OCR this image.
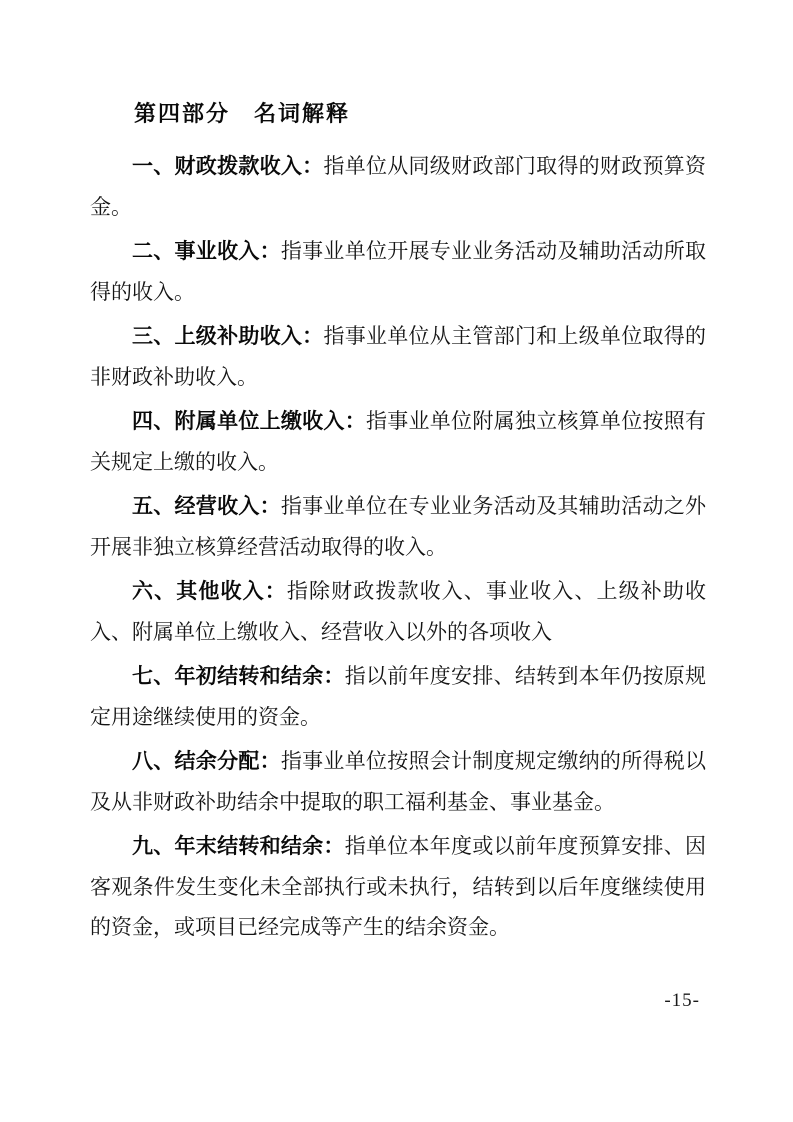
第四部分　名词解释

一、财政拨款收入：指单位从同级财政部门取得的财政预算资金。

二、事业收入：指事业单位开展专业业务活动及辅助活动所取得的收入。

三、上级补助收入：指事业单位从主管部门和上级单位取得的非财政补助收入。

四、附属单位上缴收入：指事业单位附属独立核算单位按照有关规定上缴的收入。

五、经营收入：指事业单位在专业业务活动及其辅助活动之外开展非独立核算经营活动取得的收入。

六、其他收入：指除财政拨款收入、事业收入、上级补助收入、附属单位上缴收入、经营收入以外的各项收入

七、年初结转和结余：指以前年度安排、结转到本年仍按原规定用途继续使用的资金。

八、结余分配：指事业单位按照会计制度规定缴纳的所得税以及从非财政补助结余中提取的职工福利基金、事业基金。

九、年末结转和结余：指单位本年度或以前年度预算安排、因客观条件发生变化未全部执行或未执行，结转到以后年度继续使用的资金，或项目已经完成等产生的结余资金。

-15-
